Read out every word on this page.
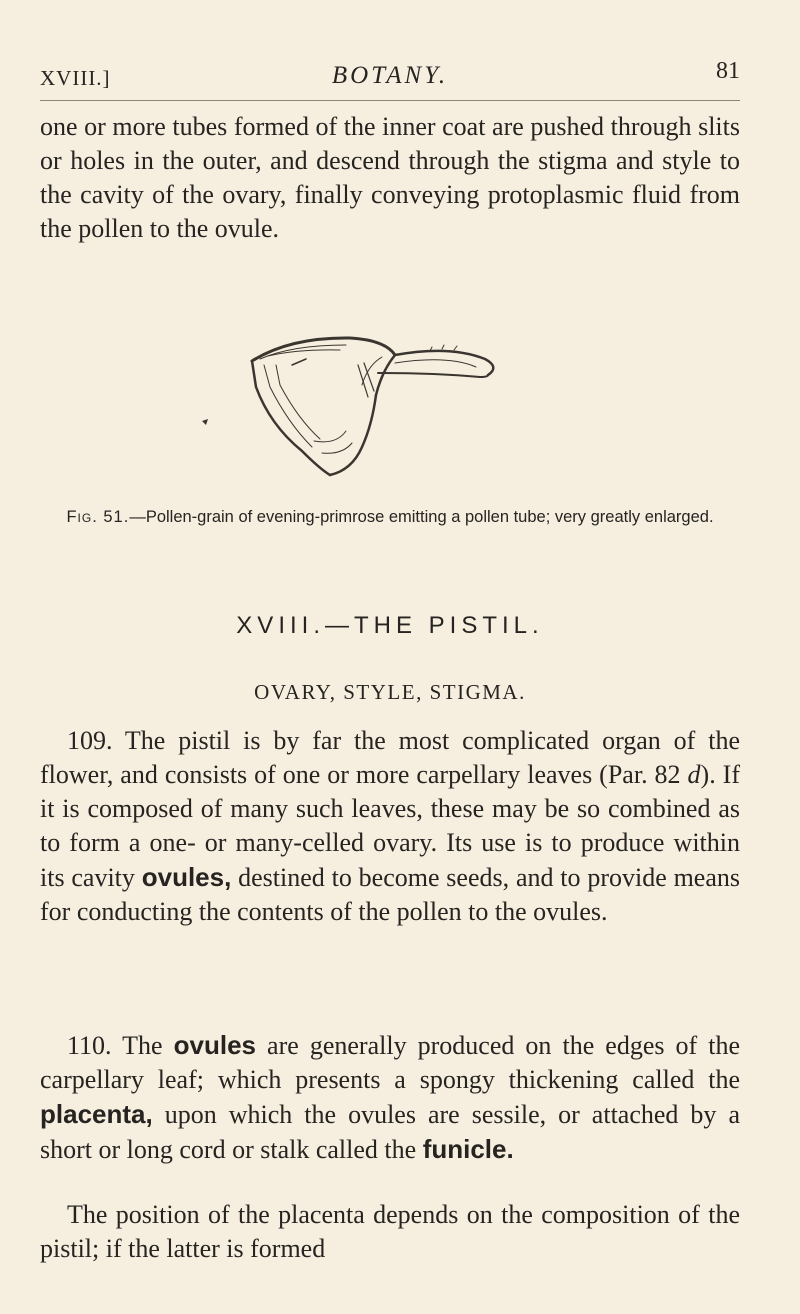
XVIII.]	BOTANY.	81

one or more tubes formed of the inner coat are pushed through slits or holes in the outer, and descend through the stigma and style to the cavity of the ovary, finally conveying protoplasmic fluid from the pollen to the ovule.

Fig. 51.—Pollen-grain of evening-primrose emitting a pollen tube; very greatly enlarged.
XVIII.—THE PISTIL.
OVARY, STYLE, STIGMA.

109. The pistil is by far the most complicated organ of the flower, and consists of one or more carpellary leaves (Par. 82 d). If it is composed of many such leaves, these may be so combined as to form a one- or many-celled ovary. Its use is to produce within its cavity ovules, destined to become seeds, and to provide means for conducting the contents of the pollen to the ovules.

110. The ovules are generally produced on the edges of the carpellary leaf; which presents a spongy thickening called the placenta, upon which the ovules are sessile, or attached by a short or long cord or stalk called the funicle.

The position of the placenta depends on the composition of the pistil; if the latter is formed
